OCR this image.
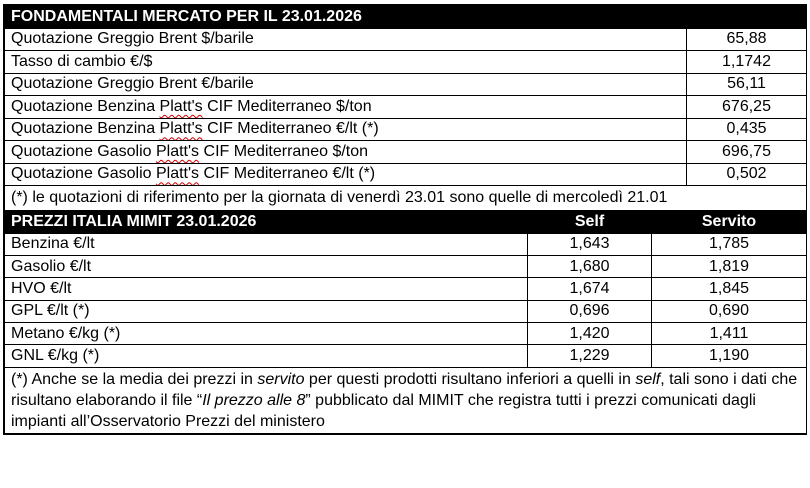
FONDAMENTALI MERCATO PER IL 23.01.2026	
Quotazione Greggio Brent $/barile	65,88
Tasso di cambio €/$	1,1742
Quotazione Greggio Brent €/barile	56,11
Quotazione Benzina Platt's CIF Mediterraneo $/ton	676,25
Quotazione Benzina Platt's CIF Mediterraneo €/lt (*)	0,435
Quotazione Gasolio Platt's CIF Mediterraneo $/ton	696,75
Quotazione Gasolio Platt's CIF Mediterraneo €/lt (*)	0,502
(*) le quotazioni di riferimento per la giornata di venerdì 23.01 sono quelle di mercoledì 21.01	
PREZZI ITALIA MIMIT 23.01.2026	Self	Servito
Benzina €/lt	1,643	1,785
Gasolio €/lt	1,680	1,819
HVO €/lt	1,674	1,845
GPL €/lt (*)	0,696	0,690
Metano €/kg (*)	1,420	1,411
GNL €/kg (*)	1,229	1,190
(*) Anche se la media dei prezzi in servito per questi prodotti risultano inferiori a quelli in self, tali sono i dati che risultano elaborando il file “Il prezzo alle 8” pubblicato dal MIMIT che registra tutti i prezzi comunicati dagli impianti all’Osservatorio Prezzi del ministero		
